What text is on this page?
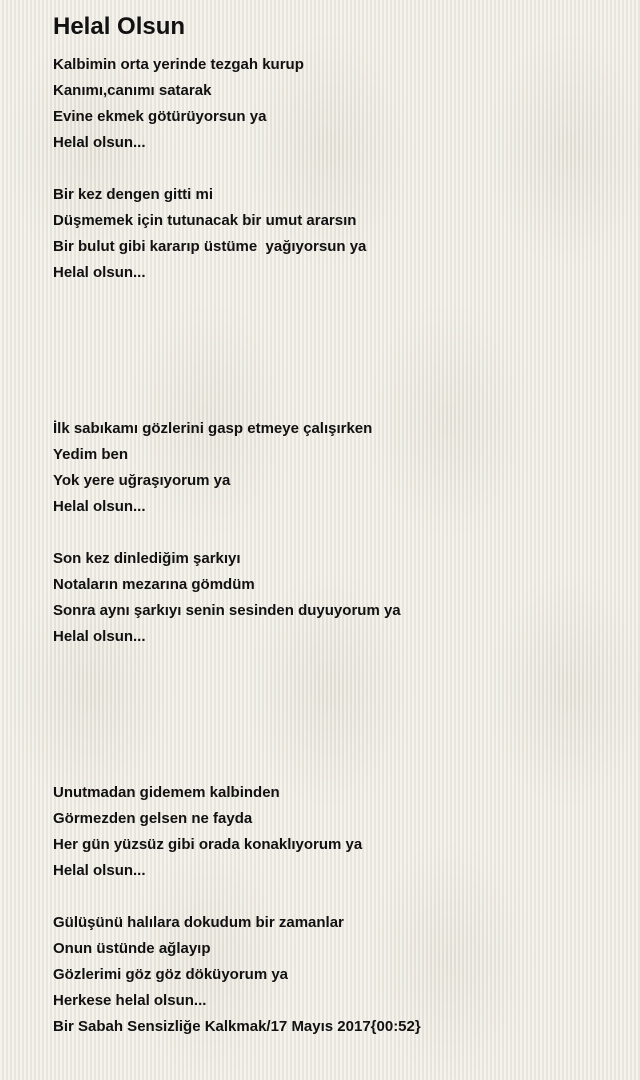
Helal Olsun
Kalbimin orta yerinde tezgah kurup
Kanımı,canımı satarak
Evine ekmek götürüyorsun ya
Helal olsun...
Bir kez dengen gitti mi
Düşmemek için tutunacak bir umut ararsın
Bir bulut gibi kararıp üstüme  yağıyorsun ya
Helal olsun...
İlk sabıkamı gözlerini gasp etmeye çalışırken
Yedim ben
Yok yere uğraşıyorum ya
Helal olsun...
Son kez dinlediğim şarkıyı
Notaların mezarına gömdüm
Sonra aynı şarkıyı senin sesinden duyuyorum ya
Helal olsun...
Unutmadan gidemem kalbinden
Görmezden gelsen ne fayda
Her gün yüzsüz gibi orada konaklıyorum ya
Helal olsun...
Gülüşünü halılara dokudum bir zamanlar
Onun üstünde ağlayıp
Gözlerimi göz göz döküyorum ya
Herkese helal olsun...
Bir Sabah Sensizliğe Kalkmak/17 Mayıs 2017{00:52}
